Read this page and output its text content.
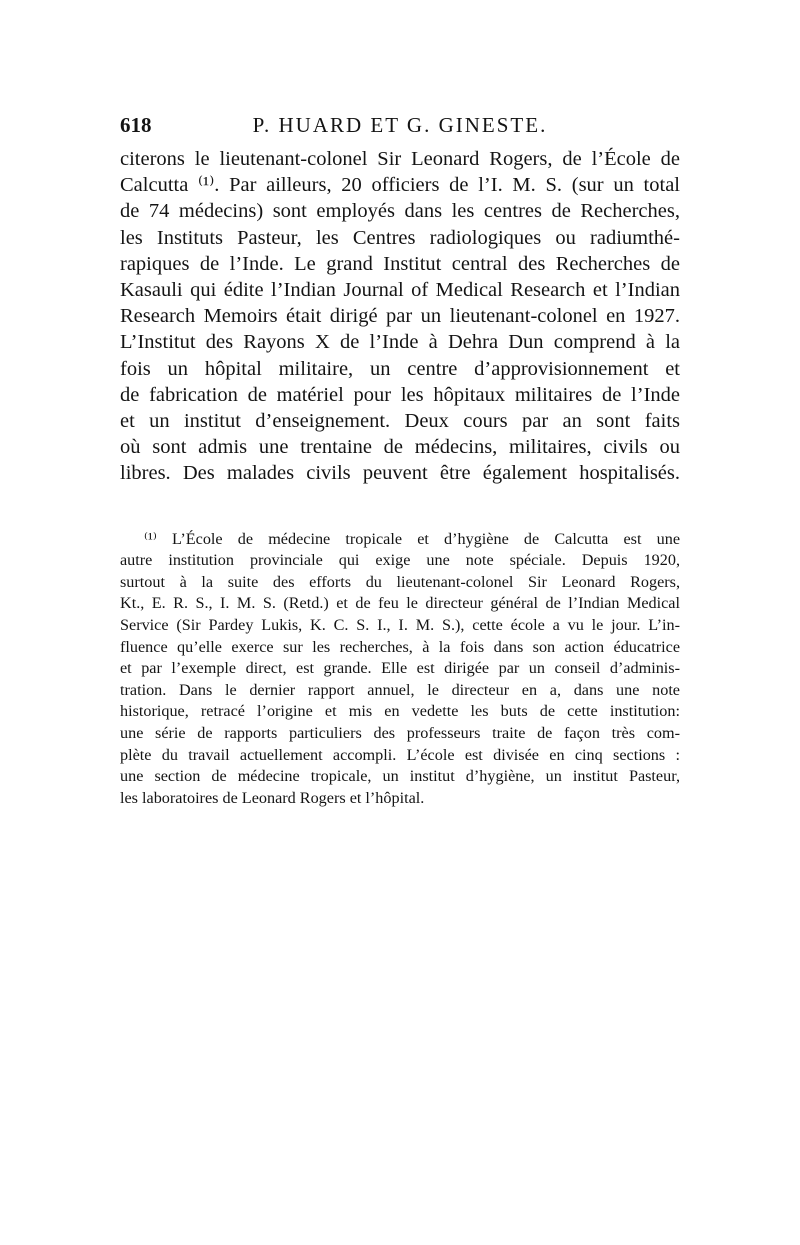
618	P. HUARD ET G. GINESTE.
citerons le lieutenant-colonel Sir Leonard Rogers, de l’École de
Calcutta ⁽¹⁾. Par ailleurs, 20 officiers de l’I. M. S. (sur un total
de 74 médecins) sont employés dans les centres de Recherches,
les Instituts Pasteur, les Centres radiologiques ou radiumthé-
rapiques de l’Inde. Le grand Institut central des Recherches de
Kasauli qui édite l’Indian Journal of Medical Research et l’Indian
Research Memoirs était dirigé par un lieutenant-colonel en 1927.
L’Institut des Rayons X de l’Inde à Dehra Dun comprend à la
fois un hôpital militaire, un centre d’approvisionnement et
de fabrication de matériel pour les hôpitaux militaires de l’Inde
et un institut d’enseignement. Deux cours par an sont faits
où sont admis une trentaine de médecins, militaires, civils ou
libres. Des malades civils peuvent être également hospitalisés.
⁽¹⁾ L’École de médecine tropicale et d’hygiène de Calcutta est une
autre institution provinciale qui exige une note spéciale. Depuis 1920,
surtout à la suite des efforts du lieutenant-colonel Sir Leonard Rogers,
Kt., E. R. S., I. M. S. (Retd.) et de feu le directeur général de l’Indian Medical
Service (Sir Pardey Lukis, K. C. S. I., I. M. S.), cette école a vu le jour. L’in-
fluence qu’elle exerce sur les recherches, à la fois dans son action éducatrice
et par l’exemple direct, est grande. Elle est dirigée par un conseil d’adminis-
tration. Dans le dernier rapport annuel, le directeur en a, dans une note
historique, retracé l’origine et mis en vedette les buts de cette institution:
une série de rapports particuliers des professeurs traite de façon très com-
plète du travail actuellement accompli. L’école est divisée en cinq sections :
une section de médecine tropicale, un institut d’hygiène, un institut Pasteur,
les laboratoires de Leonard Rogers et l’hôpital.
